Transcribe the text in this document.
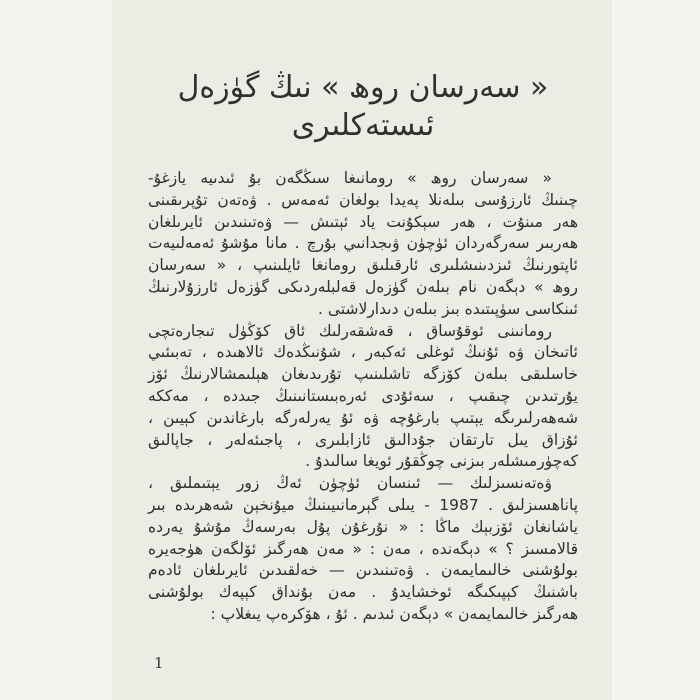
« سەرسان روھ » نىڭ گۈزەل
ئىستەكلىرى
« سەرسان روھ » رومانىغا سىڭگەن بۇ ئىدىيە يازغۇ-
چىنىڭ ئارزۇسى بىلەنلا پەيدا بولغان ئەمەس . ۋەتەن تۇپرىقىنى
ھەر مىنۇت ، ھەر سېكۇنت ياد ئېتىش — ۋەتىنىدىن ئايرىلغان
ھەربىر سەرگەردان ئۈچۈن ۋىجدانىي بۇرچ . مانا مۇشۇ ئەمەلىيەت
ئاپتورنىڭ ئىزدىنىشلىرى ئارقىلىق رومانغا ئايلىنىپ ، « سەرسان
روھ » دېگەن نام بىلەن گۈزەل قەلبلەردىكى گۈزەل ئارزۇلارنىڭ
ئىنكاسى سۈپىتىدە بىز بىلەن دىدارلاشتى .
رومانىنى ئوقۇساق ، قەشقەرلىك ئاق كۆڭۈل تىجارەتچى
ئاتىخان ۋە ئۇنىڭ ئوغلى ئەكبەر ، شۇنىڭدەك ئالاھىدە ، تەبىئىي
خاسلىقى بىلەن كۆزگە تاشلىنىپ تۇرىدىغان ھېلىمشالارنىڭ ئۆز
يۇرتىدىن چىقىپ ، سەئۇدى ئەرەبىستانىنىڭ جىددە ، مەككە
شەھەرلىرىگە يېتىپ بارغۇچە ۋە ئۇ يەرلەرگە بارغاندىن كېيىن ،
ئۇزاق يىل تارتقان جۇدالىق ئازابلىرى ، پاجىئەلەر ، جاپالىق
كەچۈرمىشلەر بىزنى چوڭقۇر ئويغا سالىدۇ .
ۋەتەنسىزلىك — ئىنسان ئۈچۈن ئەڭ زور يېتىملىق ،
پاناھسىزلىق . 1987 - يىلى گېرمانىيىنىڭ ميۇنخېن شەھرىدە بىر
ياشانغان ئۆزبېك ماڭا : « نۇرغۇن پۇل بەرسەڭ مۇشۇ يەردە
قالامسىز ؟ » دېگەندە ، مەن : « مەن ھەرگىز ئۆلگەن ھۈجەيرە
بولۇشنى خالىمايمەن . ۋەتىنىدىن — خەلقىدىن ئايرىلغان ئادەم
باشنىڭ كېپىكىگە ئوخشايدۇ . مەن بۇنداق كېپەك بولۇشنى
ھەرگىز خالىمايمەن » دېگەن ئىدىم . ئۇ ، ھۆكرەپ يىغلاپ :
1
